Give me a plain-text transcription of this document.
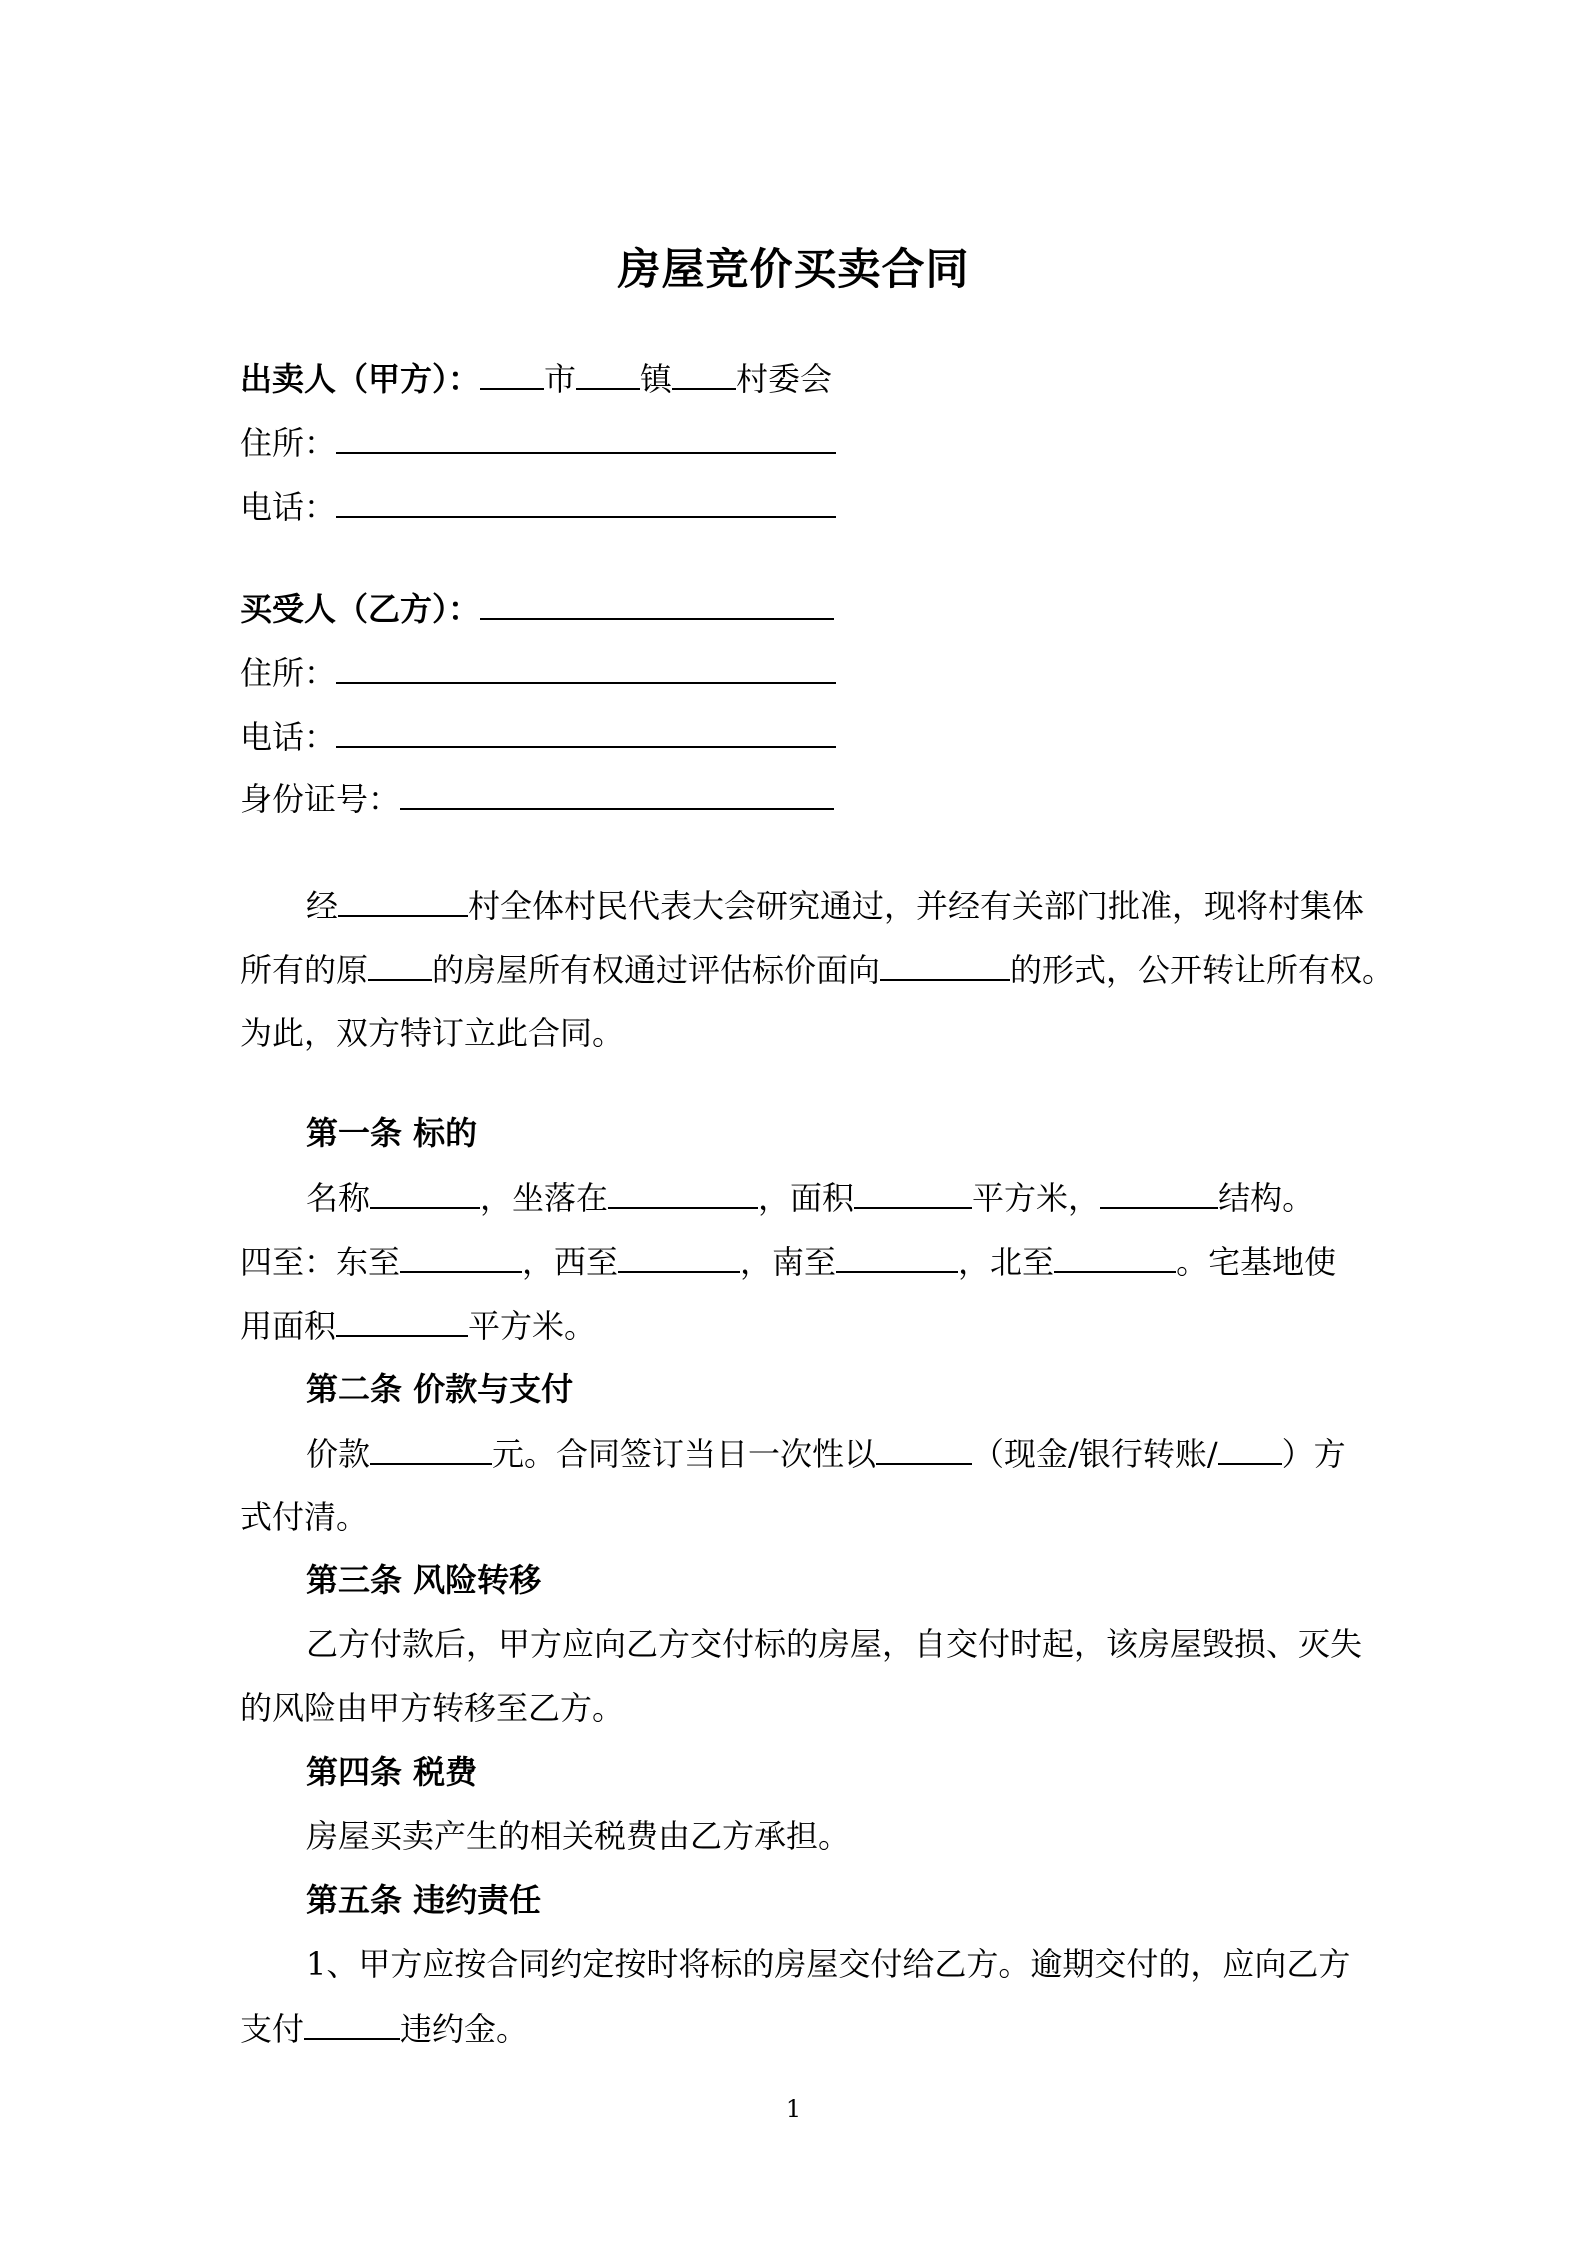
房屋竞价买卖合同
出卖人（甲方）： 市 镇 村委会
住所：
电话：
买受人（乙方）：
住所：
电话：
身份证号：
经	村全体村民代表大会研究通过，并经有关部门批准，现将村集体
所有的原 的房屋所有权通过评估标价面向	的形式，公开转让所有权。
为此，双方特订立此合同。
第一条 标的
名称	，坐落在	，面积	平方米，	结构。
四至：东至	，西至	，南至	，北至	。宅基地使
用面积	平方米。
第二条 价款与支付
价款	元。合同签订当日一次性以	（现金/银行转账/ ）方
式付清。
第三条 风险转移
乙方付款后，甲方应向乙方交付标的房屋，自交付时起，该房屋毁损、灭失
的风险由甲方转移至乙方。
第四条 税费
房屋买卖产生的相关税费由乙方承担。
第五条 违约责任
1、甲方应按合同约定按时将标的房屋交付给乙方。逾期交付的，应向乙方
支付	违约金。
1
